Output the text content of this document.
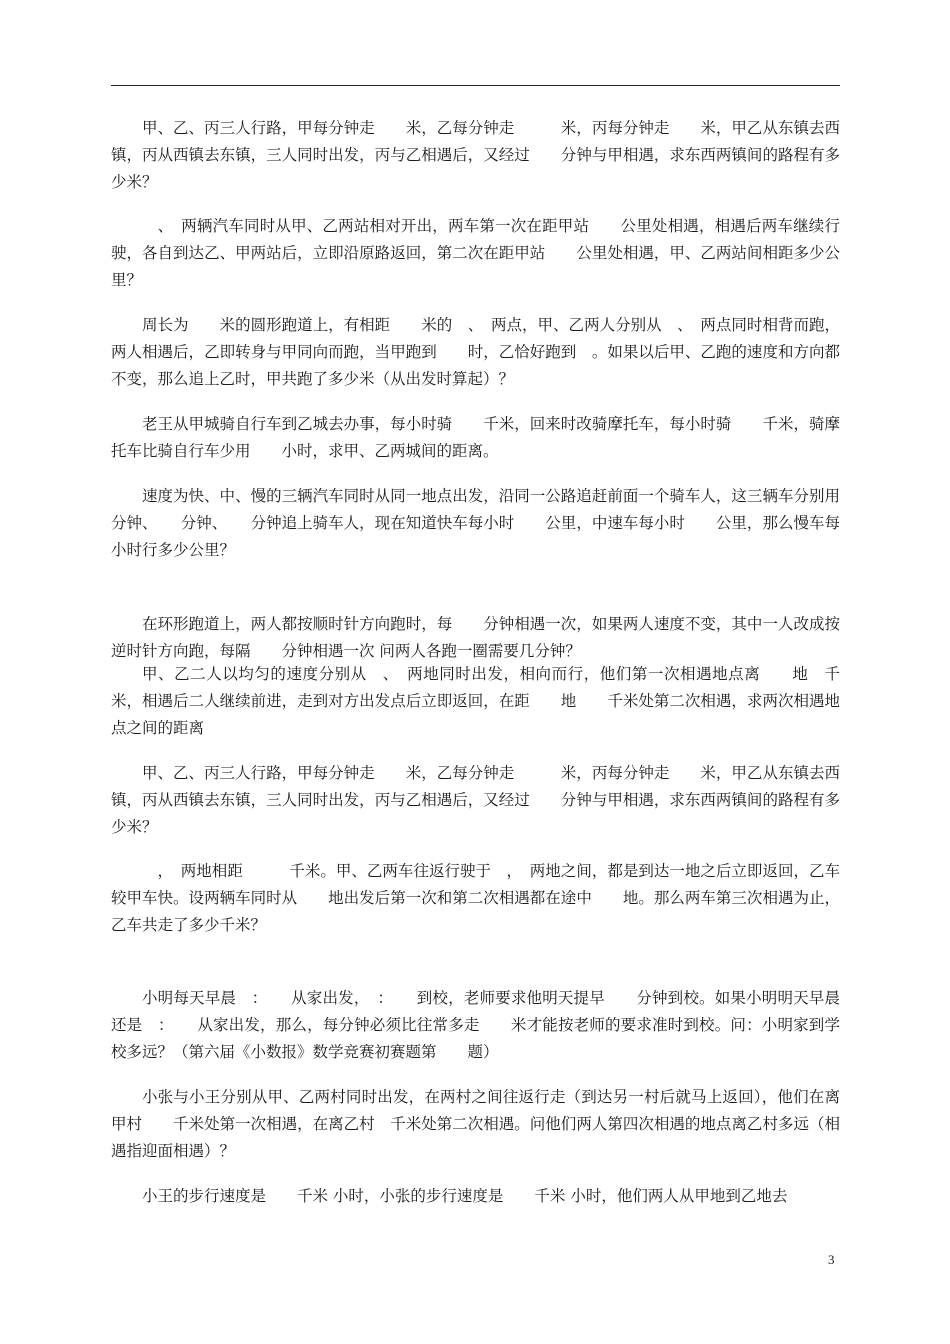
甲、乙、丙三人行路，甲每分钟走　　米，乙每分钟走　　　米，丙每分钟走　　米，甲乙从东镇去西镇，丙从西镇去东镇，三人同时出发，丙与乙相遇后，又经过　　分钟与甲相遇，求东西两镇间的路程有多少米？

　、　两辆汽车同时从甲、乙两站相对开出，两车第一次在距甲站　　公里处相遇，相遇后两车继续行驶，各自到达乙、甲两站后，立即沿原路返回，第二次在距甲站　　公里处相遇，甲、乙两站间相距多少公里？

周长为　　米的圆形跑道上，有相距　　米的　、　两点，甲、乙两人分别从　、　两点同时相背而跑，两人相遇后，乙即转身与甲同向而跑，当甲跑到　　时，乙恰好跑到　。如果以后甲、乙跑的速度和方向都不变，那么追上乙时，甲共跑了多少米（从出发时算起）？

老王从甲城骑自行车到乙城去办事，每小时骑　　千米，回来时改骑摩托车，每小时骑　　千米，骑摩托车比骑自行车少用　　小时，求甲、乙两城间的距离。

速度为快、中、慢的三辆汽车同时从同一地点出发，沿同一公路追赶前面一个骑车人，这三辆车分别用　分钟、　　分钟、　　分钟追上骑车人，现在知道快车每小时　　公里，中速车每小时　　公里，那么慢车每小时行多少公里？

在环形跑道上，两人都按顺时针方向跑时，每　　分钟相遇一次，如果两人速度不变，其中一人改成按逆时针方向跑，每隔　　分钟相遇一次 问两人各跑一圈需要几分钟？

甲、乙二人以均匀的速度分别从　、　两地同时出发，相向而行，他们第一次相遇地点离　　地　千米，相遇后二人继续前进，走到对方出发点后立即返回，在距　　地　　千米处第二次相遇，求两次相遇地点之间的距离

甲、乙、丙三人行路，甲每分钟走　　米，乙每分钟走　　　米，丙每分钟走　　米，甲乙从东镇去西镇，丙从西镇去东镇，三人同时出发，丙与乙相遇后，又经过　　分钟与甲相遇，求东西两镇间的路程有多少米？

　，　两地相距　　　千米。甲、乙两车往返行驶于　，　两地之间，都是到达一地之后立即返回，乙车较甲车快。设两辆车同时从　　地出发后第一次和第二次相遇都在途中　　地。那么两车第三次相遇为止，乙车共走了多少千米？

小明每天早晨　：　　从家出发，　：　　到校，老师要求他明天提早　　分钟到校。如果小明明天早晨还是　：　　从家出发，那么，每分钟必须比往常多走　　米才能按老师的要求准时到校。问：小明家到学校多远？（第六届《小数报》数学竞赛初赛题第　　题）

小张与小王分别从甲、乙两村同时出发，在两村之间往返行走（到达另一村后就马上返回），他们在离甲村　　千米处第一次相遇，在离乙村　千米处第二次相遇。问他们两人第四次相遇的地点离乙村多远（相遇指迎面相遇）？

小王的步行速度是　　千米 小时，小张的步行速度是　　千米 小时，他们两人从甲地到乙地去

3
